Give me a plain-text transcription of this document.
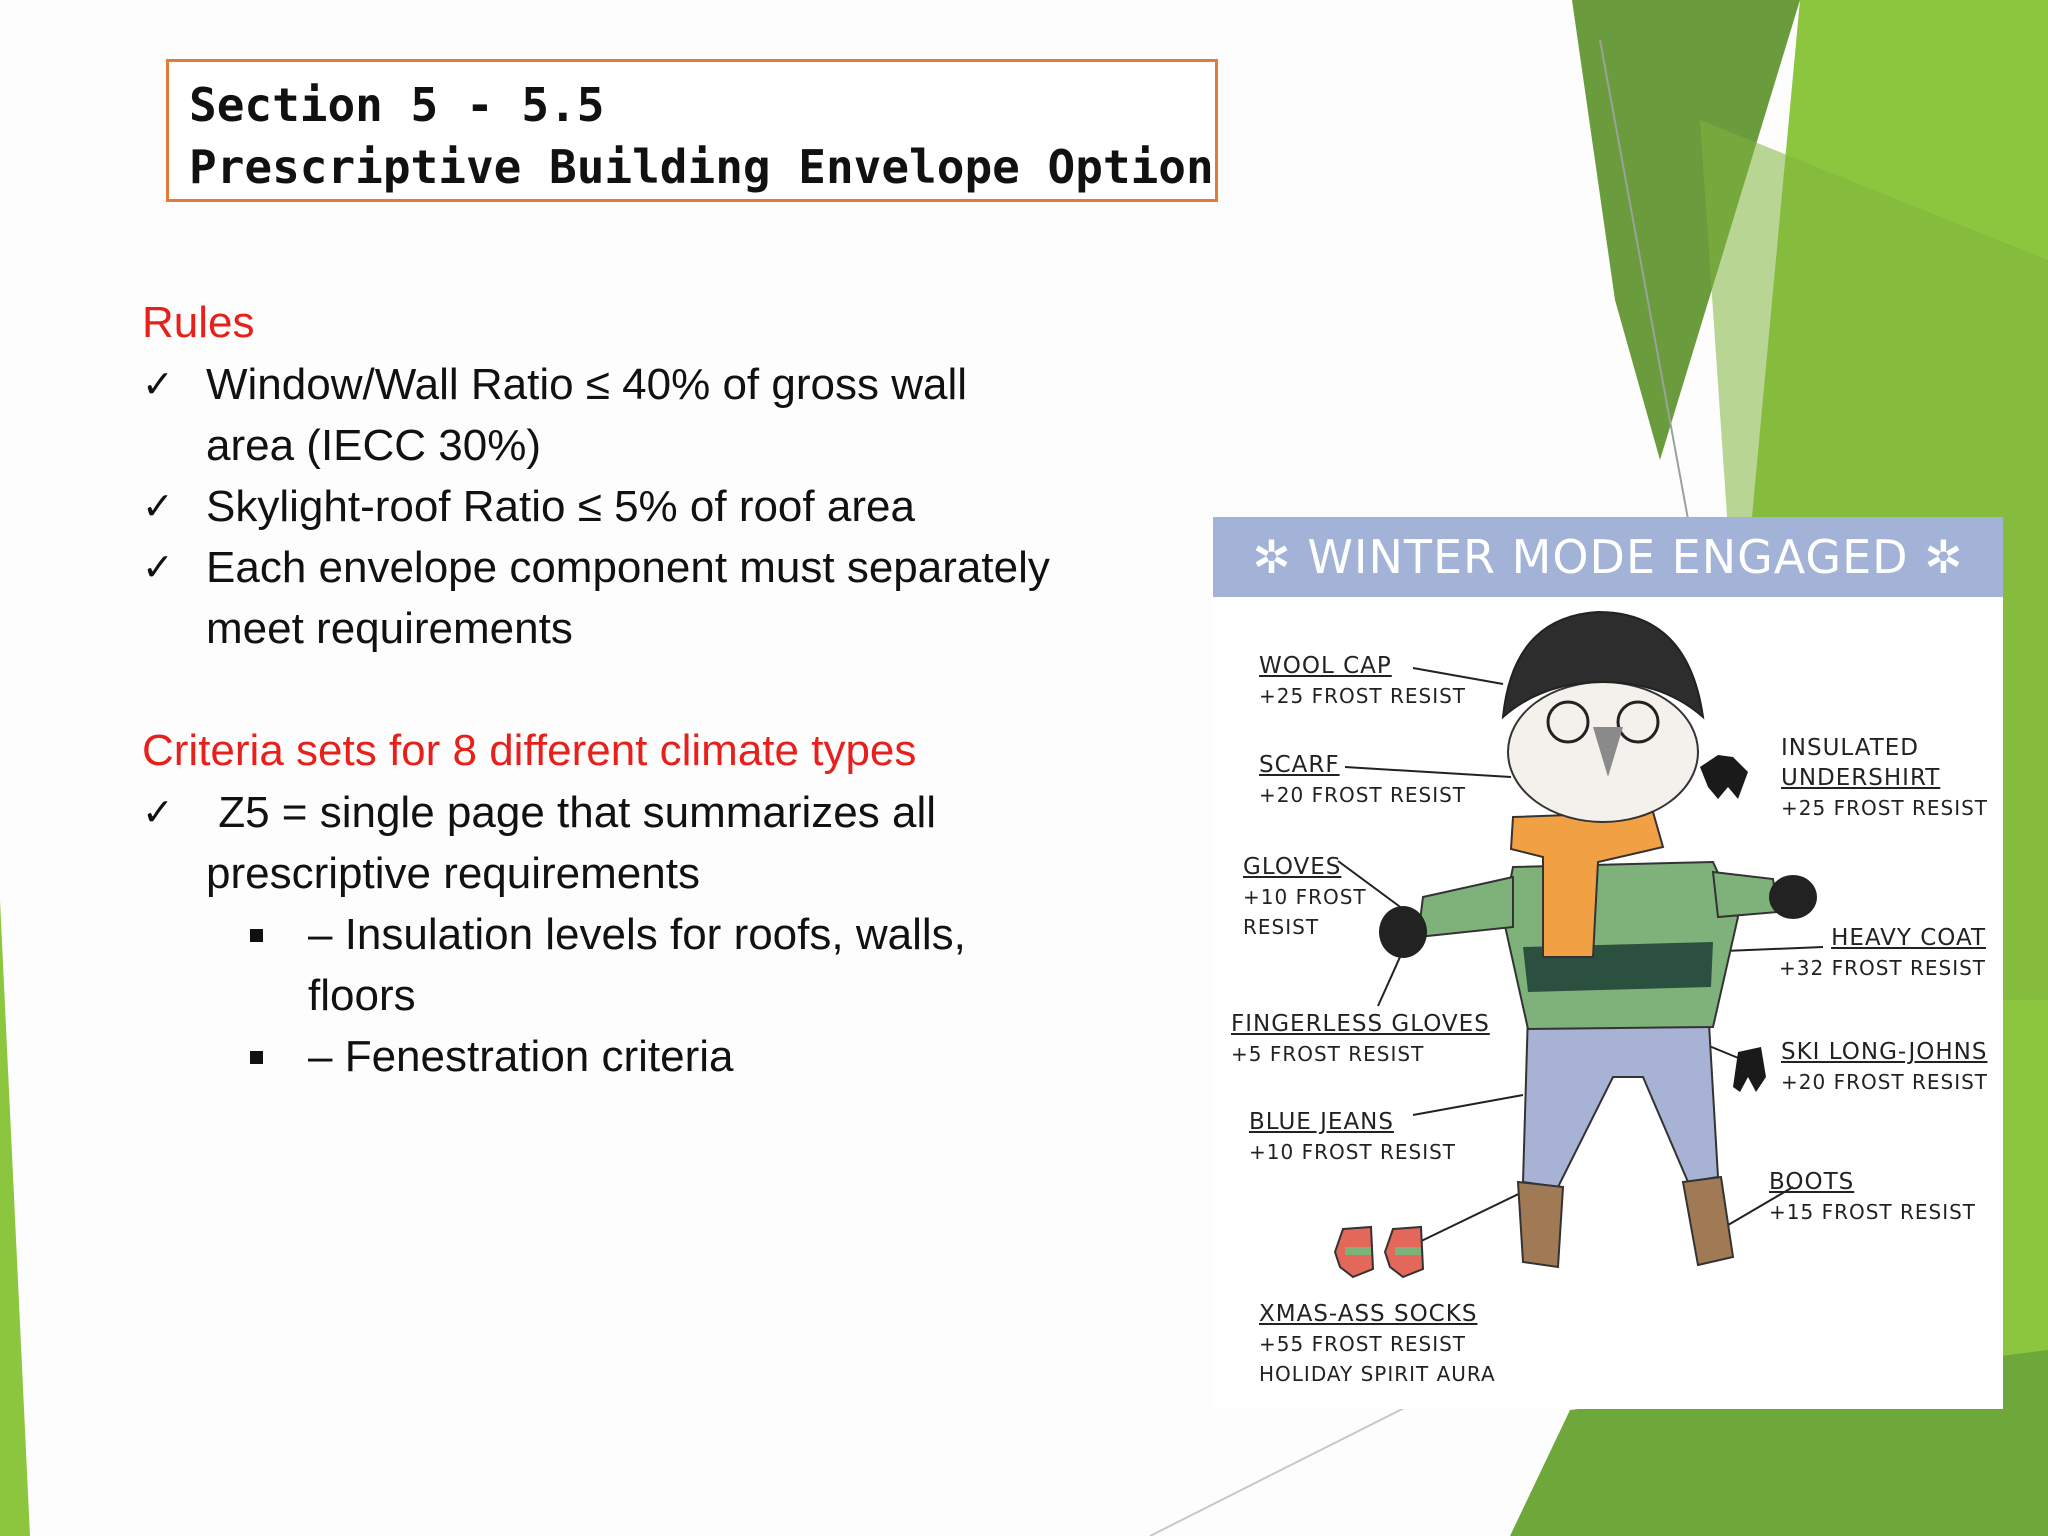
Section 5 - 5.5
Prescriptive Building Envelope Option
Rules
✓ Window/Wall Ratio ≤ 40% of gross wall
area (IECC 30%)
✓ Skylight-roof Ratio ≤ 5% of roof area
✓ Each envelope component must separately
meet requirements
Criteria sets for 8 different climate types
✓ Z5 = single page that summarizes all
prescriptive requirements
– Insulation levels for roofs, walls,
floors
– Fenestration criteria
✲ WINTER MODE ENGAGED ✲
WOOL CAP
+25 FROST RESIST
SCARF
+20 FROST RESIST
GLOVES
+10 FROST
RESIST
FINGERLESS GLOVES
+5 FROST RESIST
BLUE JEANS
+10 FROST RESIST
XMAS-ASS SOCKS
+55 FROST RESIST
HOLIDAY SPIRIT AURA
INSULATED
UNDERSHIRT
+25 FROST RESIST
HEAVY COAT
+32 FROST RESIST
SKI LONG-JOHNS
+20 FROST RESIST
BOOTS
+15 FROST RESIST
